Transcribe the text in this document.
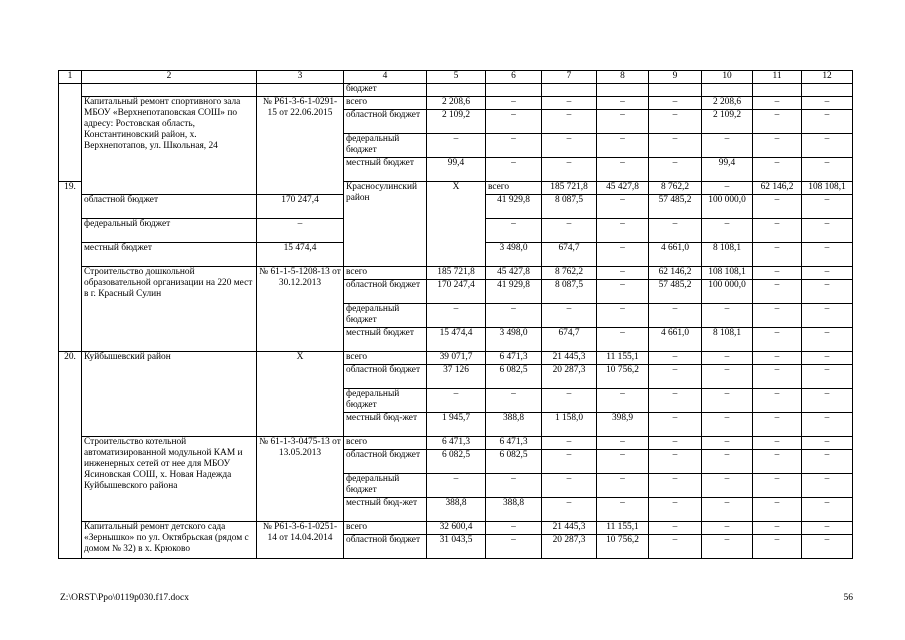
1	2	3	4	5	6	7	8	9	10	11	12	
			бюджет									
	Капитальный ремонт спортивного зала МБОУ «Верхнепотаповская СОШ» по адресу: Ростовская область, Константиновский район, х. Верхнепотапов, ул. Школьная, 24	№ Р61-3-6-1-0291-15 от 22.06.2015	всего	2 208,6	–	–	–	–	2 208,6	–	–	
			областной бюджет	2 109,2	–	–	–	–	2 109,2	–	–	
			федеральный бюджет	–	–	–	–	–	–	–	–	
			местный бюджет	99,4	–	–	–	–	99,4	–	–	
19.			Красносулинский район	Х	всего	185 721,8	45 427,8	8 762,2	–	62 146,2	108 108,1		
	областной бюджет	170 247,4			41 929,8	8 087,5	–	57 485,2	100 000,0	–	–	
	федеральный бюджет	–			–	–	–	–	–	–	–	
	местный бюджет	15 474,4			3 498,0	674,7	–	4 661,0	8 108,1	–	–	
	Строительство дошкольной образовательной организации на 220 мест в г. Красный Сулин	№ 61-1-5-1208-13 от 30.12.2013	всего	185 721,8	45 427,8	8 762,2	–	62 146,2	108 108,1	–	–	
			областной бюджет	170 247,4	41 929,8	8 087,5	–	57 485,2	100 000,0	–	–	
			федеральный бюджет	–	–	–	–	–	–	–	–	
			местный бюджет	15 474,4	3 498,0	674,7	–	4 661,0	8 108,1	–	–	
20.	Куйбышевский район	Х	всего	39 071,7	6 471,3	21 445,3	11 155,1	–	–	–	–	
			областной бюджет	37 126	6 082,5	20 287,3	10 756,2	–	–	–	–	
			федеральный бюджет	–	–	–	–	–	–	–	–	
			местный бюд-жет	1 945,7	388,8	1 158,0	398,9	–	–	–	–	
	Строительство котельной автоматизированной модульной КАМ и инженерных сетей от нее для МБОУ Ясиновская СОШ, х. Новая Надежда Куйбышевского района	№ 61-1-3-0475-13 от 13.05.2013	всего	6 471,3	6 471,3	–	–	–	–	–	–	
			областной бюджет	6 082,5	6 082,5	–	–	–	–	–	–	
			федеральный бюджет	–	–	–	–	–	–	–	–	
			местный бюд-жет	388,8	388,8	–	–	–	–	–	–	
	Капитальный ремонт детского сада «Зернышко» по ул. Октябрьская (рядом с домом № 32) в х. Крюково	№ Р61-3-6-1-0251-14 от 14.04.2014	всего	32 600,4	–	21 445,3	11 155,1	–	–	–	–	
			областной бюджет	31 043,5	–	20 287,3	10 756,2	–	–	–	–	
Z:\ORST\Ppo\0119p030.f17.docx	56
